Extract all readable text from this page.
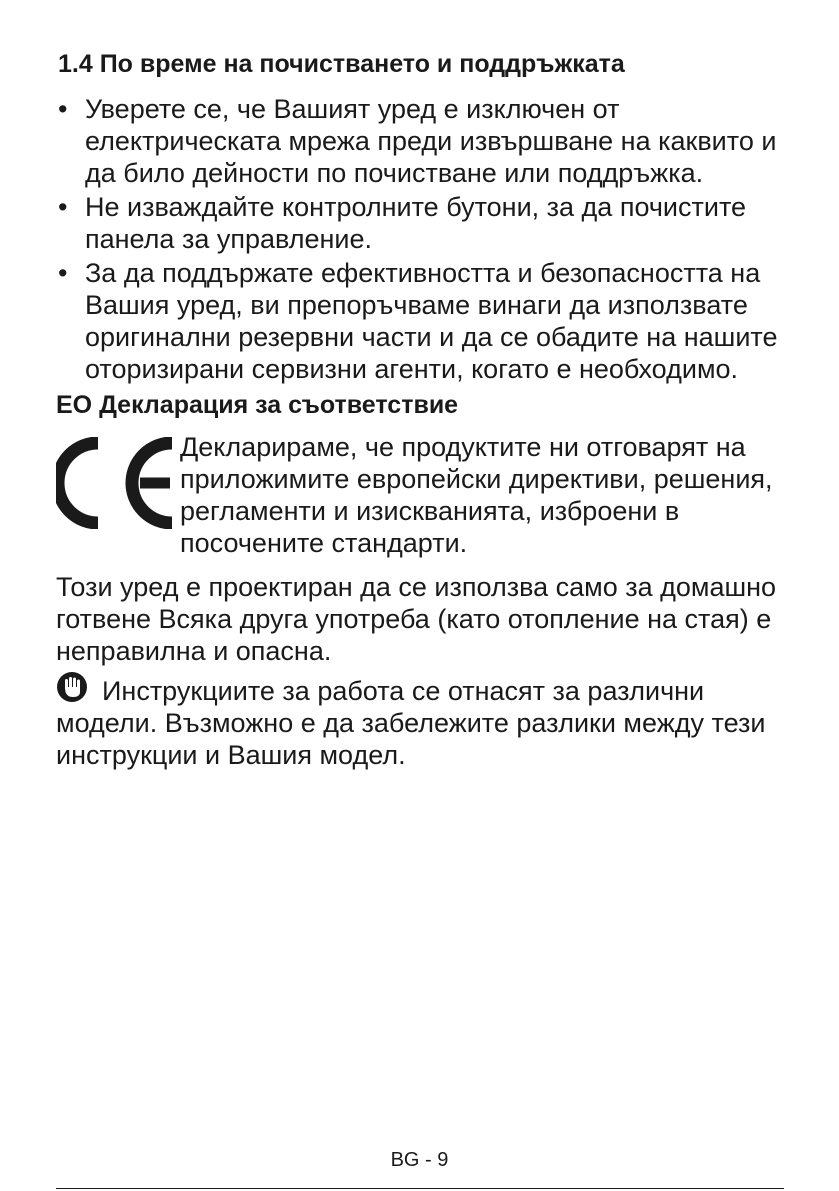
1.4 По време на почистването и поддръжката
• Уверете се, че Вашият уред е изключен от електрическата мрежа преди извършване на каквито и да било дейности по почистване или поддръжка.
• Не изваждайте контролните бутони, за да почистите панела за управление.
• За да поддържате ефективността и безопасността на Вашия уред, ви препоръчваме винаги да използвате оригинални резервни части и да се обадите на нашите оторизирани сервизни агенти, когато е необходимо.
ЕО Декларация за съответствие
Декларираме, че продуктите ни отговарят на приложимите европейски директиви, решения, регламенти и изискванията, изброени в посочените стандарти.

Този уред е проектиран да се използва само за домашно готвене Всяка друга употреба (като отопление на стая) е неправилна и опасна.

Инструкциите за работа се отнасят за различни модели. Възможно е да забележите разлики между тези инструкции и Вашия модел.

BG - 9
